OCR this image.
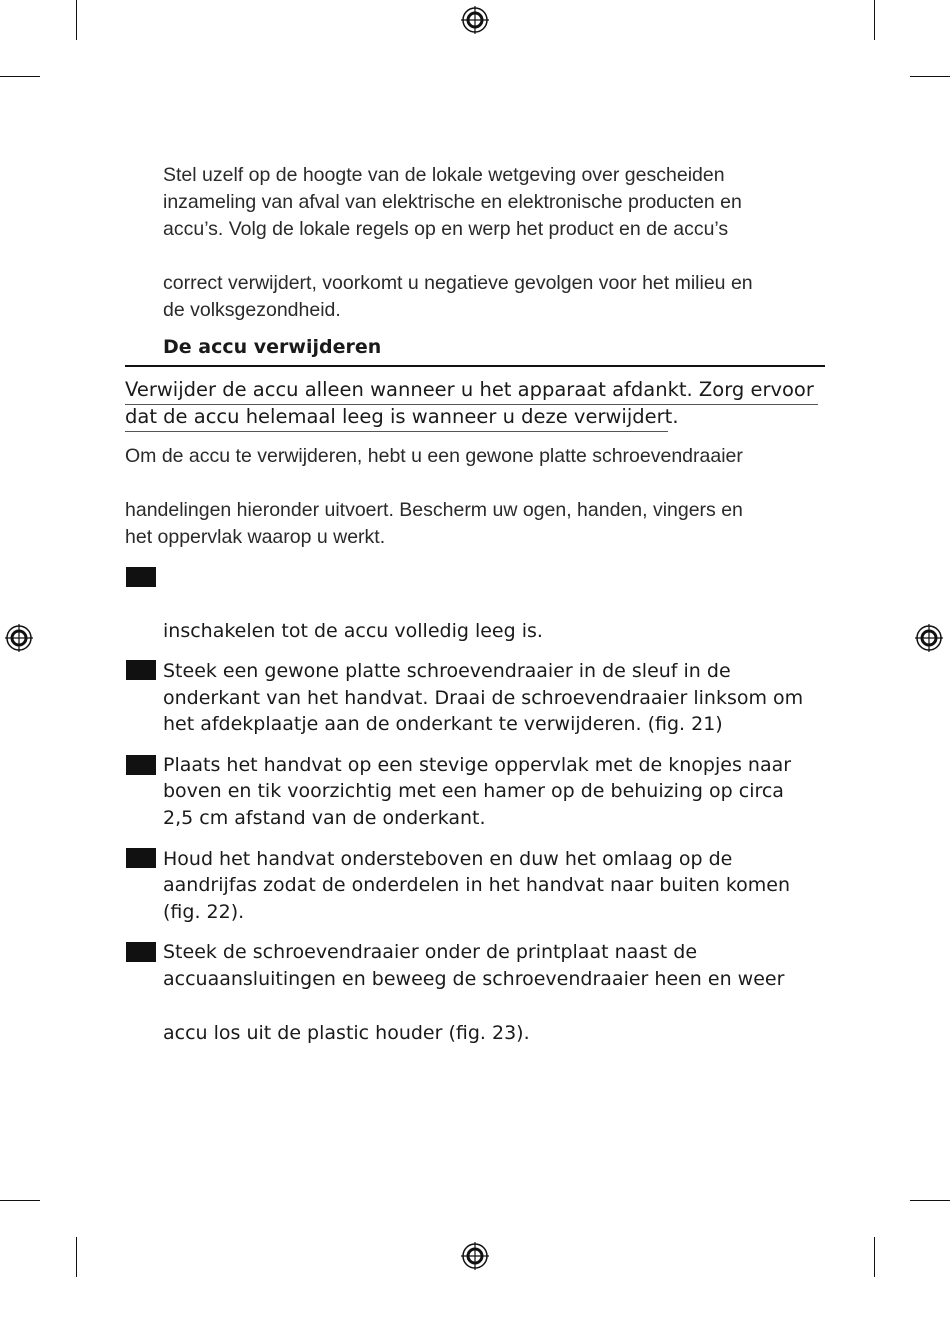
Stel uzelf op de hoogte van de lokale wetgeving over gescheiden
inzameling van afval van elektrische en elektronische producten en
accu’s. Volg de lokale regels op en werp het product en de accu’s
correct verwijdert, voorkomt u negatieve gevolgen voor het milieu en
de volksgezondheid.
De accu verwijderen
Verwijder de accu alleen wanneer u het apparaat afdankt. Zorg ervoor
dat de accu helemaal leeg is wanneer u deze verwijdert.
Om de accu te verwijderen, hebt u een gewone platte schroevendraaier
handelingen hieronder uitvoert. Bescherm uw ogen, handen, vingers en
het oppervlak waarop u werkt.
inschakelen tot de accu volledig leeg is.
Steek een gewone platte schroevendraaier in de sleuf in de
onderkant van het handvat. Draai de schroevendraaier linksom om
het afdekplaatje aan de onderkant te verwijderen. (fig. 21)
Plaats het handvat op een stevige oppervlak met de knopjes naar
boven en tik voorzichtig met een hamer op de behuizing op circa
2,5 cm afstand van de onderkant.
Houd het handvat ondersteboven en duw het omlaag op de
aandrijfas zodat de onderdelen in het handvat naar buiten komen
(fig. 22).
Steek de schroevendraaier onder de printplaat naast de
accuaansluitingen en beweeg de schroevendraaier heen en weer
accu los uit de plastic houder (fig. 23).
